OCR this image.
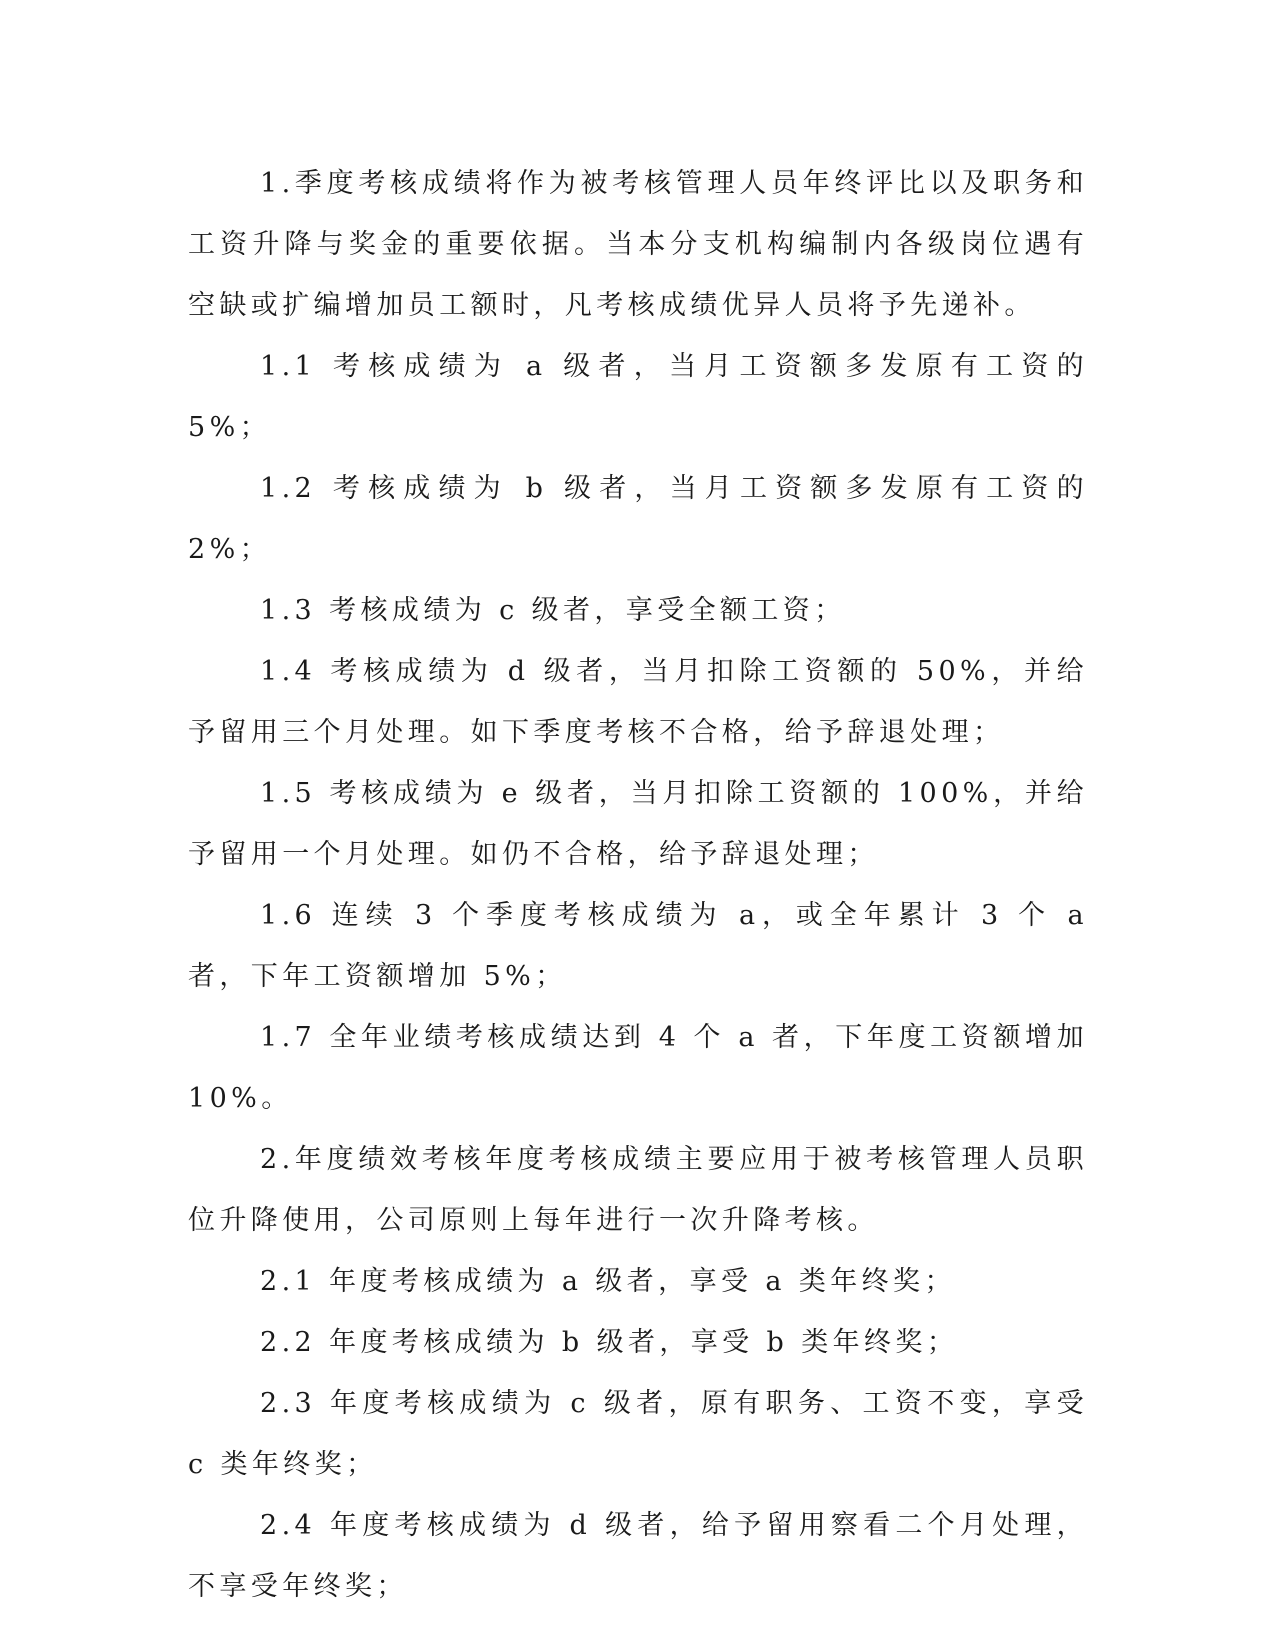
1.季度考核成绩将作为被考核管理人员年终评比以及职务和工资升降与奖金的重要依据。当本分支机构编制内各级岗位遇有空缺或扩编增加员工额时，凡考核成绩优异人员将予先递补。

1.1 考核成绩为 a 级者，当月工资额多发原有工资的 5%；

1.2 考核成绩为 b 级者，当月工资额多发原有工资的 2%；

1.3 考核成绩为 c 级者，享受全额工资；

1.4 考核成绩为 d 级者，当月扣除工资额的 50%，并给予留用三个月处理。如下季度考核不合格，给予辞退处理；

1.5 考核成绩为 e 级者，当月扣除工资额的 100%，并给予留用一个月处理。如仍不合格，给予辞退处理；

1.6 连续 3 个季度考核成绩为 a，或全年累计 3 个 a 者，下年工资额增加 5%；

1.7 全年业绩考核成绩达到 4 个 a 者，下年度工资额增加 10%。

2.年度绩效考核年度考核成绩主要应用于被考核管理人员职位升降使用，公司原则上每年进行一次升降考核。

2.1 年度考核成绩为 a 级者，享受 a 类年终奖；

2.2 年度考核成绩为 b 级者，享受 b 类年终奖；

2.3 年度考核成绩为 c 级者，原有职务、工资不变，享受 c 类年终奖；

2.4 年度考核成绩为 d 级者，给予留用察看二个月处理，不享受年终奖；
